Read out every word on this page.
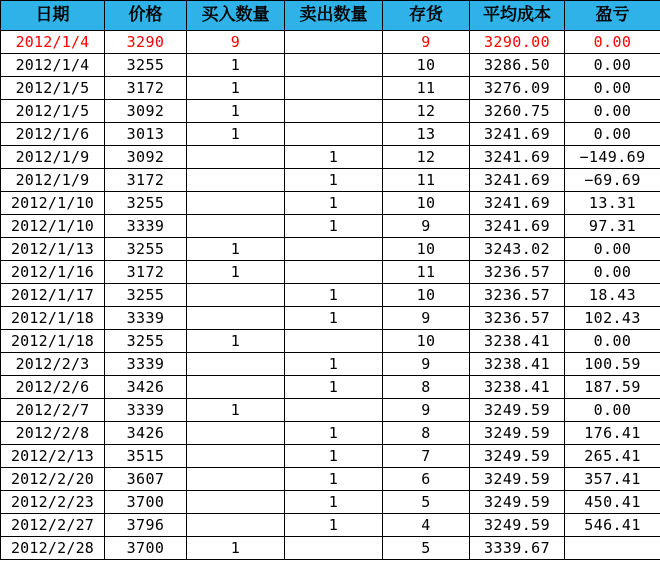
日期	价格	买入数量	卖出数量	存货	平均成本	盈亏
2012/1/4	3290	9		9	3290.00	0.00
2012/1/4	3255	1		10	3286.50	0.00
2012/1/5	3172	1		11	3276.09	0.00
2012/1/5	3092	1		12	3260.75	0.00
2012/1/6	3013	1		13	3241.69	0.00
2012/1/9	3092		1	12	3241.69	−149.69
2012/1/9	3172		1	11	3241.69	−69.69
2012/1/10	3255		1	10	3241.69	13.31
2012/1/10	3339		1	9	3241.69	97.31
2012/1/13	3255	1		10	3243.02	0.00
2012/1/16	3172	1		11	3236.57	0.00
2012/1/17	3255		1	10	3236.57	18.43
2012/1/18	3339		1	9	3236.57	102.43
2012/1/18	3255	1		10	3238.41	0.00
2012/2/3	3339		1	9	3238.41	100.59
2012/2/6	3426		1	8	3238.41	187.59
2012/2/7	3339	1		9	3249.59	0.00
2012/2/8	3426		1	8	3249.59	176.41
2012/2/13	3515		1	7	3249.59	265.41
2012/2/20	3607		1	6	3249.59	357.41
2012/2/23	3700		1	5	3249.59	450.41
2012/2/27	3796		1	4	3249.59	546.41
2012/2/28	3700	1		5	3339.67	
